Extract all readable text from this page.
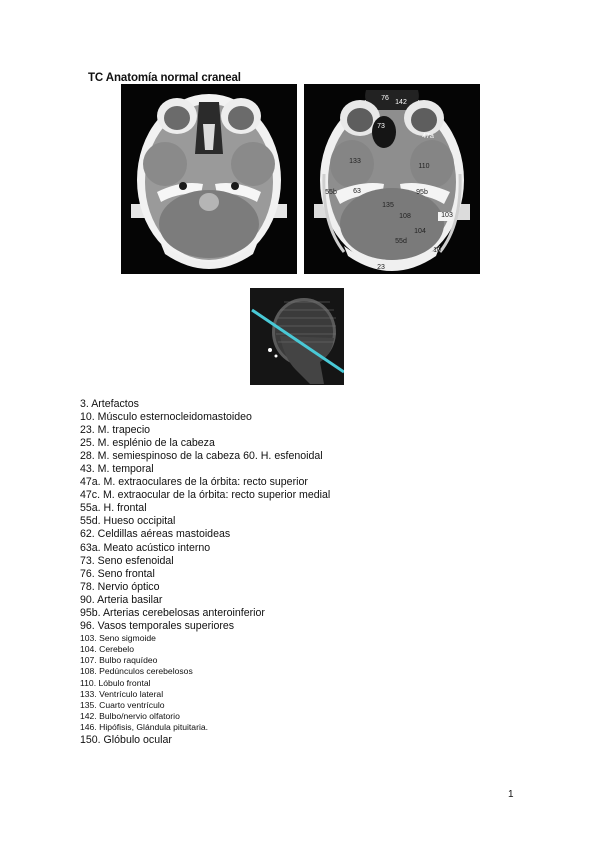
TC Anatomía normal craneal
76
142
73
47a
133
110
55b 63	95b
135
108	103
104
55d
10
23
3. Artefactos
10. Músculo esternocleidomastoideo
23. M. trapecio
25. M. esplénio de la cabeza
28. M. semiespinoso de la cabeza 60. H. esfenoidal
43. M. temporal
47a. M. extraoculares de la órbita: recto superior
47c. M. extraocular de la órbita: recto superior medial
55a. H. frontal
55d. Hueso occipital
62. Celdillas aéreas mastoideas
63a. Meato acústico interno
73. Seno esfenoidal
76. Seno frontal
78. Nervio óptico
90. Arteria basilar
95b. Arterias cerebelosas anteroinferior
96. Vasos temporales superiores
103. Seno sigmoide
104. Cerebelo
107. Bulbo raquídeo
108. Pedúnculos cerebelosos
110. Lóbulo frontal
133. Ventrículo lateral
135. Cuarto ventrículo
142. Bulbo/nervio olfatorio
146. Hipófisis, Glándula pituitaria.
150. Glóbulo ocular
1
